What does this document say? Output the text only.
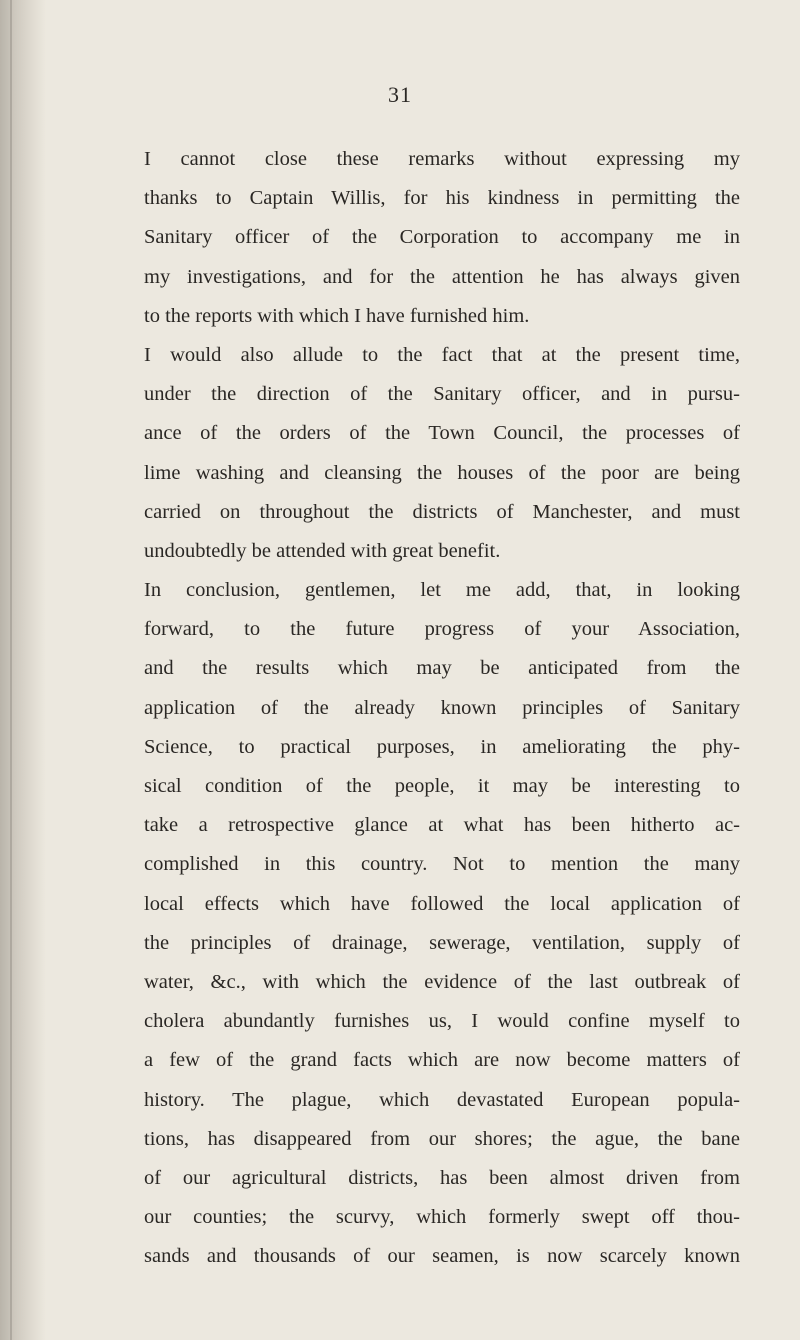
31
I cannot close these remarks without expressing my
thanks to Captain Willis, for his kindness in permitting the
Sanitary officer of the Corporation to accompany me in
my investigations, and for the attention he has always given
to the reports with which I have furnished him.
I would also allude to the fact that at the present time,
under the direction of the Sanitary officer, and in pursu-
ance of the orders of the Town Council, the processes of
lime washing and cleansing the houses of the poor are being
carried on throughout the districts of Manchester, and must
undoubtedly be attended with great benefit.
In conclusion, gentlemen, let me add, that, in looking
forward, to the future progress of your Association,
and the results which may be anticipated from the
application of the already known principles of Sanitary
Science, to practical purposes, in ameliorating the phy-
sical condition of the people, it may be interesting to
take a retrospective glance at what has been hitherto ac-
complished in this country. Not to mention the many
local effects which have followed the local application of
the principles of drainage, sewerage, ventilation, supply of
water, &c., with which the evidence of the last outbreak of
cholera abundantly furnishes us, I would confine myself to
a few of the grand facts which are now become matters of
history. The plague, which devastated European popula-
tions, has disappeared from our shores; the ague, the bane
of our agricultural districts, has been almost driven from
our counties; the scurvy, which formerly swept off thou-
sands and thousands of our seamen, is now scarcely known
